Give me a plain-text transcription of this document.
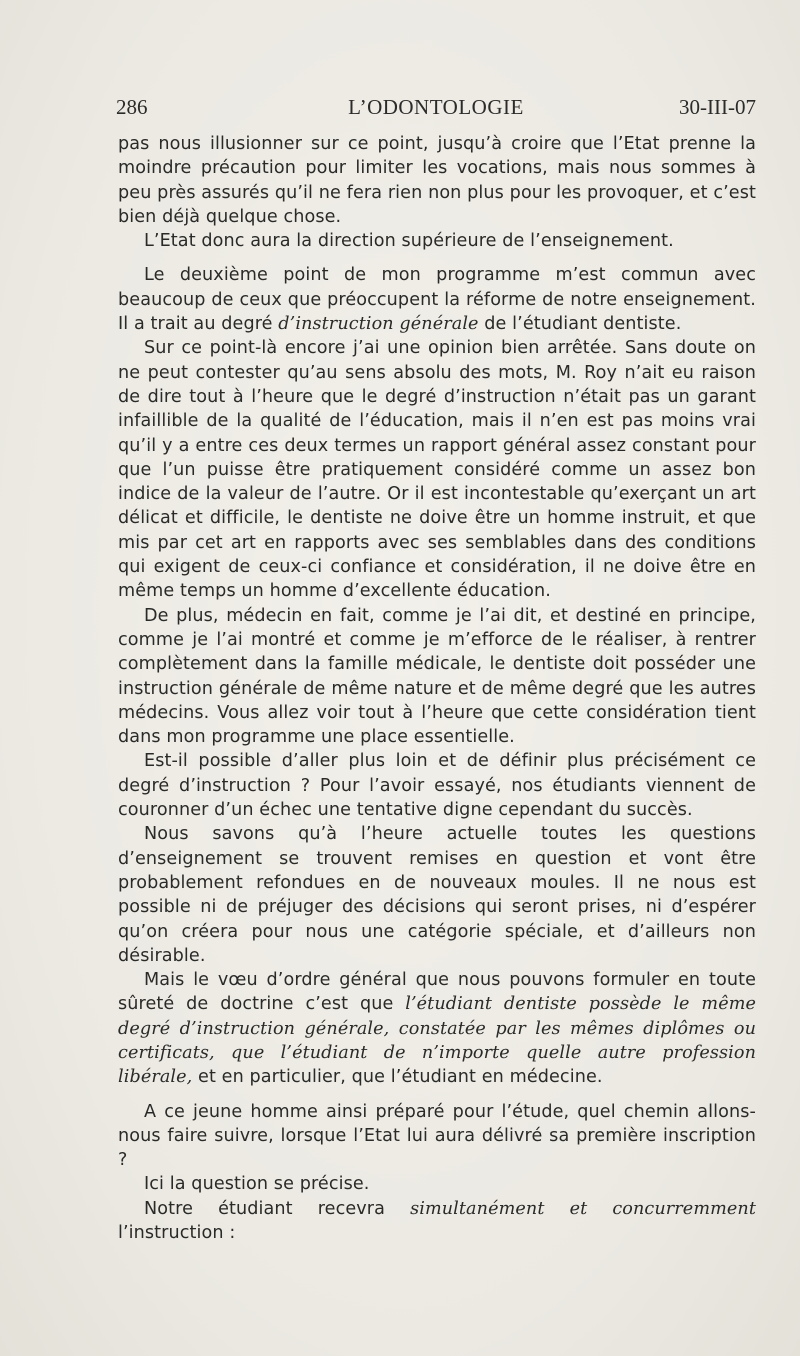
286	L’ODONTOLOGIE	30-III-07

pas nous illusionner sur ce point, jusqu’à croire que l’Etat prenne la moindre précaution pour limiter les vocations, mais nous sommes à peu près assurés qu’il ne fera rien non plus pour les provoquer, et c’est bien déjà quelque chose.

L’Etat donc aura la direction supérieure de l’enseignement.

Le deuxième point de mon programme m’est commun avec beaucoup de ceux que préoccupent la réforme de notre enseignement. Il a trait au degré d’instruction générale de l’étudiant dentiste.

Sur ce point-là encore j’ai une opinion bien arrêtée. Sans doute on ne peut contester qu’au sens absolu des mots, M. Roy n’ait eu raison de dire tout à l’heure que le degré d’instruction n’était pas un garant infaillible de la qualité de l’éducation, mais il n’en est pas moins vrai qu’il y a entre ces deux termes un rapport général assez constant pour que l’un puisse être pratiquement considéré comme un assez bon indice de la valeur de l’autre. Or il est incontestable qu’exerçant un art délicat et difficile, le dentiste ne doive être un homme instruit, et que mis par cet art en rapports avec ses semblables dans des conditions qui exigent de ceux-ci confiance et considération, il ne doive être en même temps un homme d’excellente éducation.

De plus, médecin en fait, comme je l’ai dit, et destiné en principe, comme je l’ai montré et comme je m’efforce de le réaliser, à rentrer complètement dans la famille médicale, le dentiste doit posséder une instruction générale de même nature et de même degré que les autres médecins. Vous allez voir tout à l’heure que cette considération tient dans mon programme une place essentielle.

Est-il possible d’aller plus loin et de définir plus précisément ce degré d’instruction ? Pour l’avoir essayé, nos étudiants viennent de couronner d’un échec une tentative digne cependant du succès.

Nous savons qu’à l’heure actuelle toutes les questions d’enseignement se trouvent remises en question et vont être probablement refondues en de nouveaux moules. Il ne nous est possible ni de préjuger des décisions qui seront prises, ni d’espérer qu’on créera pour nous une catégorie spéciale, et d’ailleurs non désirable.

Mais le vœu d’ordre général que nous pouvons formuler en toute sûreté de doctrine c’est que l’étudiant dentiste possède le même degré d’instruction générale, constatée par les mêmes diplômes ou certificats, que l’étudiant de n’importe quelle autre profession libérale, et en particulier, que l’étudiant en médecine.

A ce jeune homme ainsi préparé pour l’étude, quel chemin allons-nous faire suivre, lorsque l’Etat lui aura délivré sa première inscription ?

Ici la question se précise.

Notre étudiant recevra simultanément et concurremment l’instruction :
